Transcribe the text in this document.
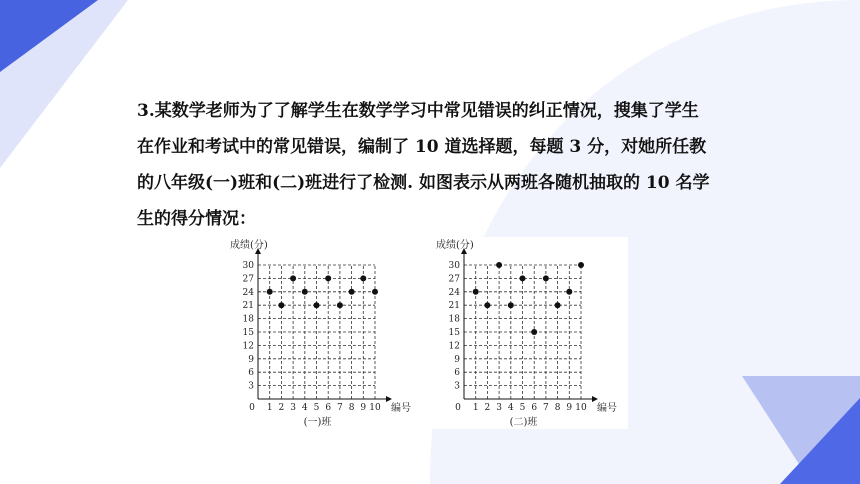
3.某数学老师为了了解学生在数学学习中常见错误的纠正情况，搜集了学生

在作业和考试中的常见错误，编制了 10 道选择题，每题 3 分，对她所任教

的八年级(一)班和(二)班进行了检测. 如图表示从两班各随机抽取的 10 名学

生的得分情况：

0 1 2 3 4 5 6 7 8 9 10
3
6
9
12
15
18
21
24
27
30
成绩(分)
编号
(一)班
0 1 2 3 4 5 6 7 8 9 10
3
6
9
12
15
18
21
24
27
30
成绩(分)
编号
(二)班
